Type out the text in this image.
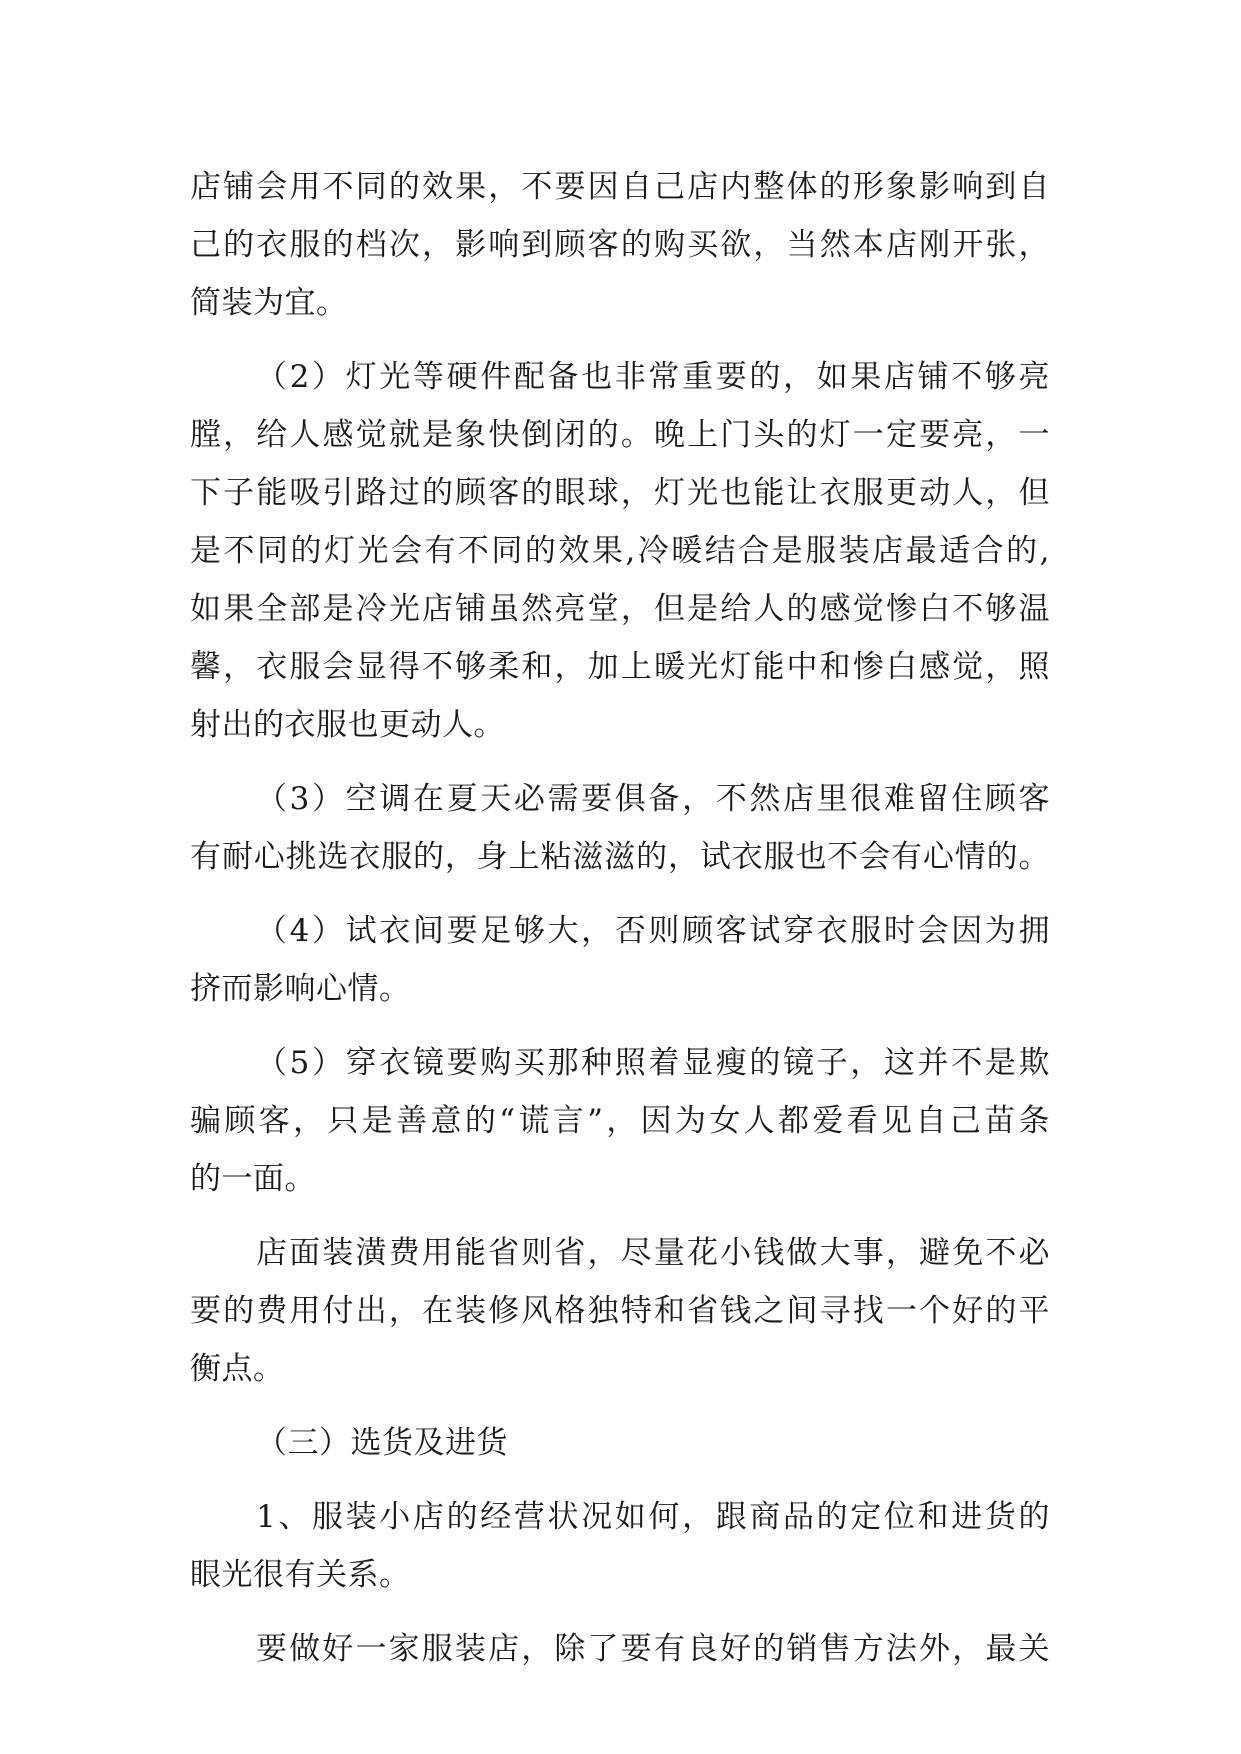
店铺会用不同的效果，不要因自己店内整体的形象影响到自
己的衣服的档次，影响到顾客的购买欲，当然本店刚开张，
简装为宜。
（2）灯光等硬件配备也非常重要的，如果店铺不够亮
膛，给人感觉就是象快倒闭的。晚上门头的灯一定要亮，一
下子能吸引路过的顾客的眼球，灯光也能让衣服更动人，但
是不同的灯光会有不同的效果,冷暖结合是服装店最适合的,
如果全部是冷光店铺虽然亮堂，但是给人的感觉惨白不够温
馨，衣服会显得不够柔和，加上暖光灯能中和惨白感觉，照
射出的衣服也更动人。
（3）空调在夏天必需要俱备，不然店里很难留住顾客
有耐心挑选衣服的，身上粘滋滋的，试衣服也不会有心情的。
（4）试衣间要足够大，否则顾客试穿衣服时会因为拥
挤而影响心情。
（5）穿衣镜要购买那种照着显瘦的镜子，这并不是欺
骗顾客，只是善意的“谎言”，因为女人都爱看见自己苗条
的一面。
店面装潢费用能省则省，尽量花小钱做大事，避免不必
要的费用付出，在装修风格独特和省钱之间寻找一个好的平
衡点。
（三）选货及进货
1、服装小店的经营状况如何，跟商品的定位和进货的
眼光很有关系。
要做好一家服装店，除了要有良好的销售方法外，最关
